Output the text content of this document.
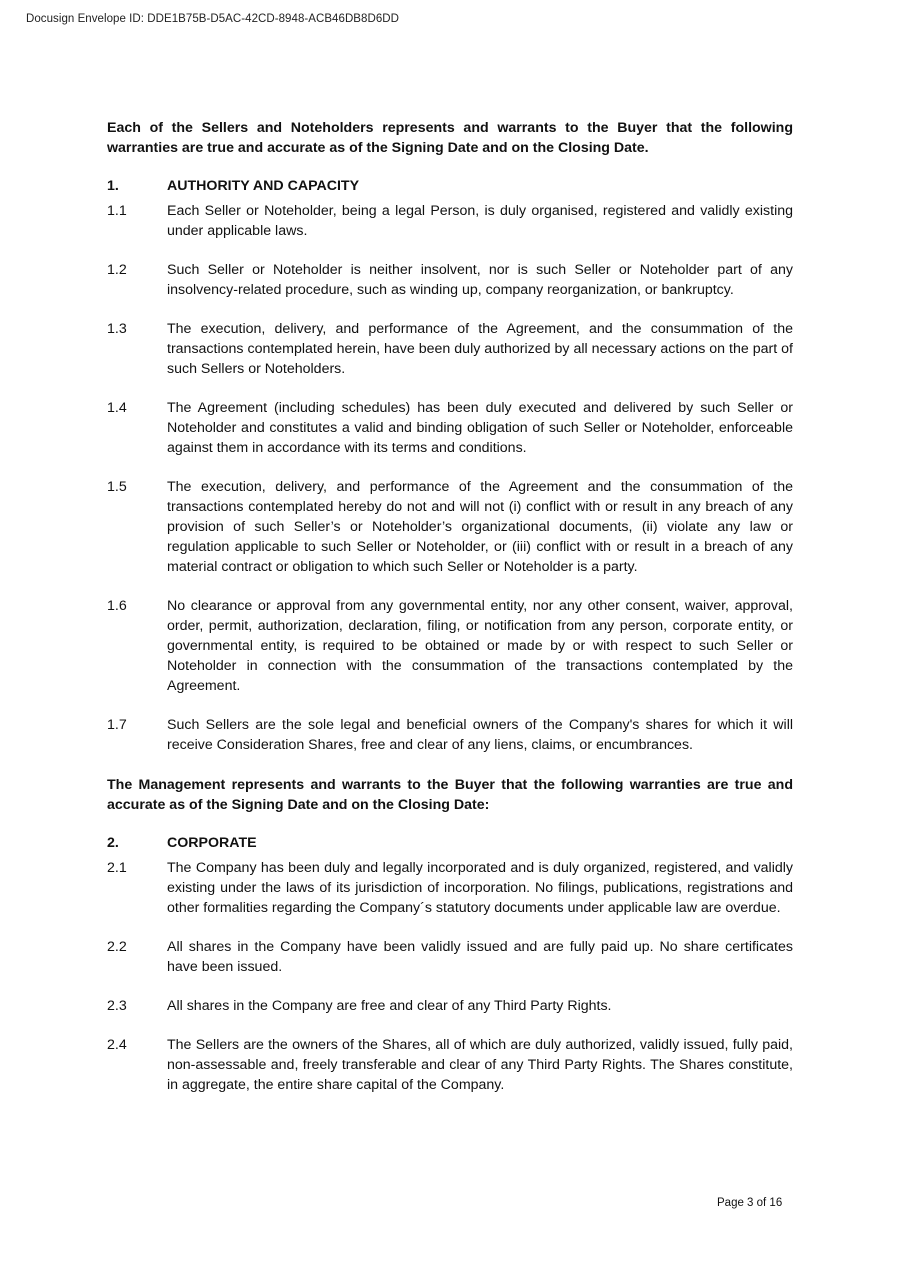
Docusign Envelope ID: DDE1B75B-D5AC-42CD-8948-ACB46DB8D6DD

Each of the Sellers and Noteholders represents and warrants to the Buyer that the following warranties are true and accurate as of the Signing Date and on the Closing Date.

1.	AUTHORITY AND CAPACITY
1.1	Each Seller or Noteholder, being a legal Person, is duly organised, registered and validly existing under applicable laws.
1.2	Such Seller or Noteholder is neither insolvent, nor is such Seller or Noteholder part of any insolvency-related procedure, such as winding up, company reorganization, or bankruptcy.
1.3	The execution, delivery, and performance of the Agreement, and the consummation of the transactions contemplated herein, have been duly authorized by all necessary actions on the part of such Sellers or Noteholders.
1.4	The Agreement (including schedules) has been duly executed and delivered by such Seller or Noteholder and constitutes a valid and binding obligation of such Seller or Noteholder, enforceable against them in accordance with its terms and conditions.
1.5	The execution, delivery, and performance of the Agreement and the consummation of the transactions contemplated hereby do not and will not (i) conflict with or result in any breach of any provision of such Seller’s or Noteholder’s organizational documents, (ii) violate any law or regulation applicable to such Seller or Noteholder, or (iii) conflict with or result in a breach of any material contract or obligation to which such Seller or Noteholder is a party.
1.6	No clearance or approval from any governmental entity, nor any other consent, waiver, approval, order, permit, authorization, declaration, filing, or notification from any person, corporate entity, or governmental entity, is required to be obtained or made by or with respect to such Seller or Noteholder in connection with the consummation of the transactions contemplated by the Agreement.
1.7	Such Sellers are the sole legal and beneficial owners of the Company's shares for which it will receive Consideration Shares, free and clear of any liens, claims, or encumbrances.

The Management represents and warrants to the Buyer that the following warranties are true and accurate as of the Signing Date and on the Closing Date:

2.	CORPORATE
2.1	The Company has been duly and legally incorporated and is duly organized, registered, and validly existing under the laws of its jurisdiction of incorporation. No filings, publications, registrations and other formalities regarding the Company´s statutory documents under applicable law are overdue.
2.2	All shares in the Company have been validly issued and are fully paid up. No share certificates have been issued.
2.3	All shares in the Company are free and clear of any Third Party Rights.
2.4	The Sellers are the owners of the Shares, all of which are duly authorized, validly issued, fully paid, non-assessable and, freely transferable and clear of any Third Party Rights. The Shares constitute, in aggregate, the entire share capital of the Company.
Page 3 of 16
